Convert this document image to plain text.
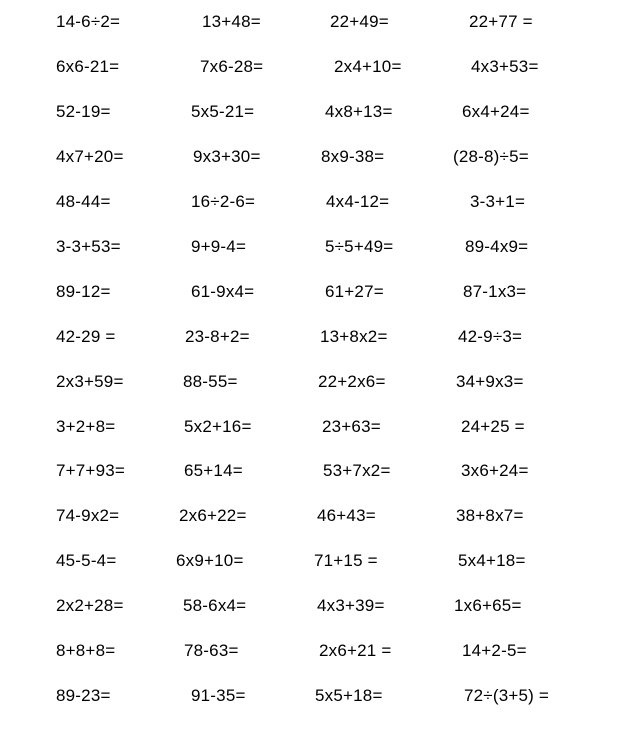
14-6÷2=	13+48=	22+49=	22+77 =
6x6-21=	7x6-28=	2x4+10=	4x3+53=
52-19=	5x5-21=	4x8+13=	6x4+24=
4x7+20=	9x3+30=	8x9-38=	(28-8)÷5=
48-44=	16÷2-6=	4x4-12=	3-3+1=
3-3+53=	9+9-4=	5÷5+49=	89-4x9=
89-12=	61-9x4=	61+27=	87-1x3=
42-29 =	23-8+2=	13+8x2=	42-9÷3=
2x3+59=	88-55=	22+2x6=	34+9x3=
3+2+8=	5x2+16=	23+63=	24+25 =
7+7+93=	65+14=	53+7x2=	3x6+24=
74-9x2=	2x6+22=	46+43=	38+8x7=
45-5-4=	6x9+10=	71+15 =	5x4+18=
2x2+28=	58-6x4=	4x3+39=	1x6+65=
8+8+8=	78-63=	2x6+21 =	14+2-5=
89-23=	91-35=	5x5+18=	72÷(3+5) =
